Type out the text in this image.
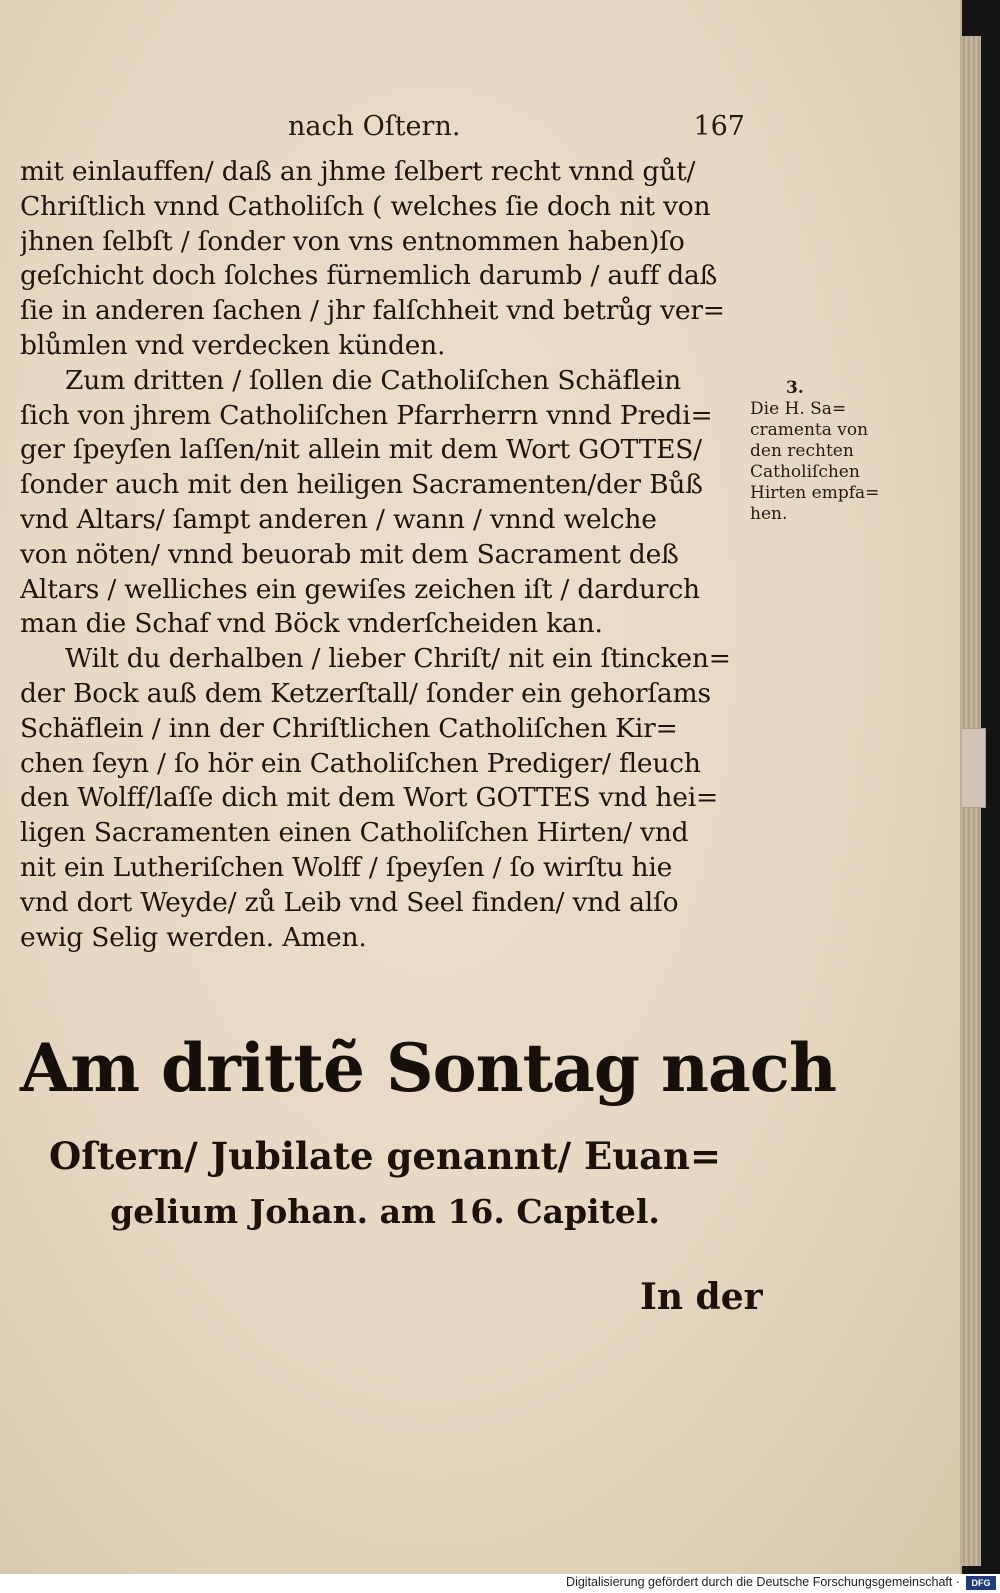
nach Oſtern.	167
mit einlauffen/ daß an jhme ſelbert recht vnnd gůt/
Chriſtlich vnnd Catholiſch ( welches ſie doch nit von
jhnen ſelbſt / ſonder von vns entnommen haben)ſo
geſchicht doch ſolches fürnemlich darumb / auff daß
ſie in anderen ſachen / jhr falſchheit vnd betrůg ver=
blůmlen vnd verdecken künden.
Zum dritten / ſollen die Catholiſchen Schäflein
ſich von jhrem Catholiſchen Pfarrherrn vnnd Predi=
ger ſpeyſen laſſen/nit allein mit dem Wort GOTTES/
ſonder auch mit den heiligen Sacramenten/der Bůß
vnd Altars/ ſampt anderen / wann / vnnd welche
von nöten/ vnnd beuorab mit dem Sacrament deß
Altars / welliches ein gewiſes zeichen iſt / dardurch
man die Schaf vnd Böck vnderſcheiden kan.
Wilt du derhalben / lieber Chriſt/ nit ein ſtincken=
der Bock auß dem Ketzerſtall/ ſonder ein gehorſams
Schäflein / inn der Chriſtlichen Catholiſchen Kir=
chen ſeyn / ſo hör ein Catholiſchen Prediger/ fleuch
den Wolff/laſſe dich mit dem Wort GOTTES vnd hei=
ligen Sacramenten einen Catholiſchen Hirten/ vnd
nit ein Lutheriſchen Wolff / ſpeyſen / ſo wirſtu hie
vnd dort Weyde/ zů Leib vnd Seel finden/ vnd alſo
ewig Selig werden. Amen.
3.
Die H. Sa=
cramenta von
den rechten
Catholiſchen
Hirten empfa=
hen.
Am drittẽ Sontag nach
Oſtern/ Jubilate genannt/ Euan=
gelium Johan. am 16. Capitel.
In der
Digitalisierung gefördert durch die Deutsche Forschungsgemeinschaft ·	DFG
